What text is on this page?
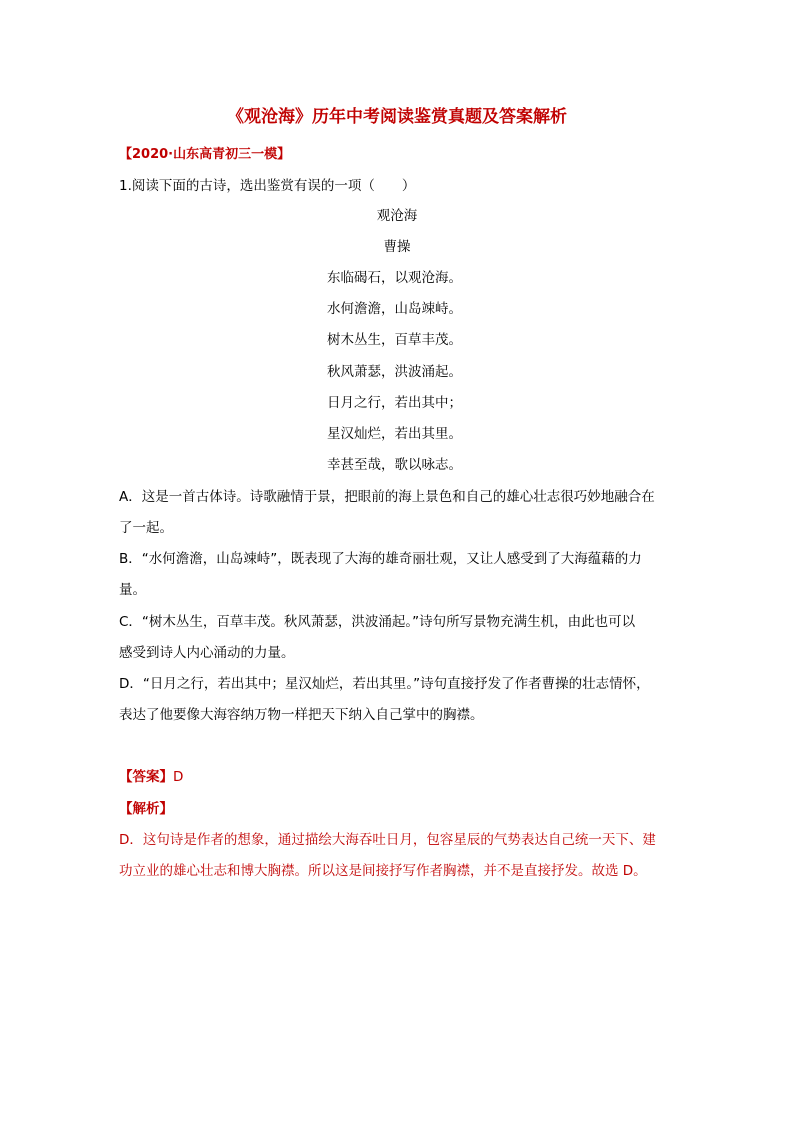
《观沧海》历年中考阅读鉴赏真题及答案解析
【2020·山东高青初三一模】
1.阅读下面的古诗，选出鉴赏有误的一项（　　）
观沧海
曹操
东临碣石，以观沧海。
水何澹澹，山岛竦峙。
树木丛生，百草丰茂。
秋风萧瑟，洪波涌起。
日月之行，若出其中；
星汉灿烂，若出其里。
幸甚至哉，歌以咏志。
A．这是一首古体诗。诗歌融情于景，把眼前的海上景色和自己的雄心壮志很巧妙地融合在
了一起。
B．“水何澹澹，山岛竦峙”，既表现了大海的雄奇丽壮观，又让人感受到了大海蕴藉的力
量。
C．“树木丛生，百草丰茂。秋风萧瑟，洪波涌起。”诗句所写景物充满生机，由此也可以
感受到诗人内心涌动的力量。
D．“日月之行，若出其中；星汉灿烂，若出其里。”诗句直接抒发了作者曹操的壮志情怀，
表达了他要像大海容纳万物一样把天下纳入自己掌中的胸襟。
【答案】D
【解析】
D．这句诗是作者的想象，通过描绘大海吞吐日月，包容星辰的气势表达自己统一天下、建
功立业的雄心壮志和博大胸襟。所以这是间接抒写作者胸襟，并不是直接抒发。故选 D。
